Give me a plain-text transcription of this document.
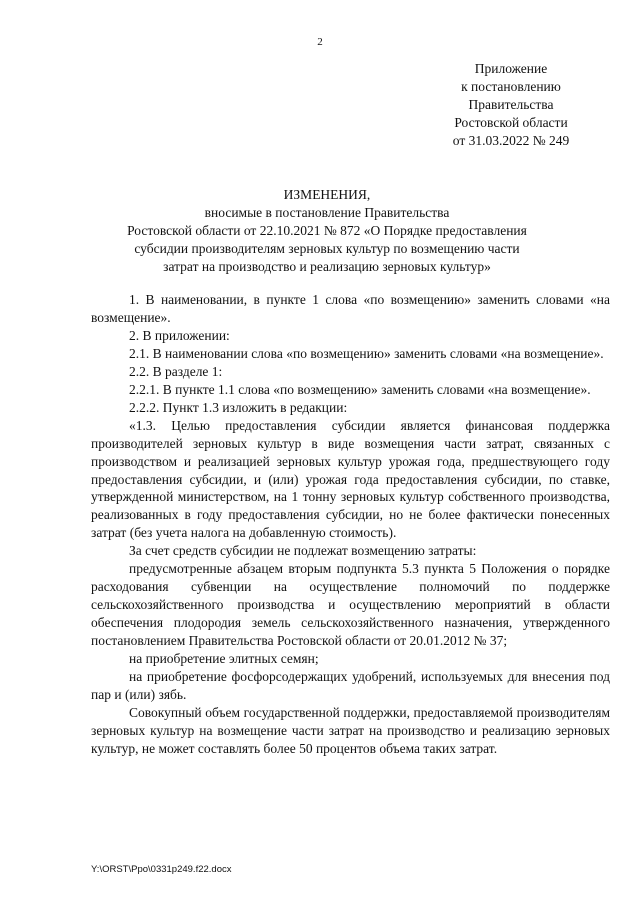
2
Приложение
к постановлению
Правительства
Ростовской области
от 31.03.2022 № 249
ИЗМЕНЕНИЯ,
вносимые в постановление Правительства
Ростовской области от 22.10.2021 № 872 «О Порядке предоставления
субсидии производителям зерновых культур по возмещению части
затрат на производство и реализацию зерновых культур»

1. В наименовании, в пункте 1 слова «по возмещению» заменить словами «на возмещение».

2. В приложении:

2.1. В наименовании слова «по возмещению» заменить словами «на возмещение».

2.2. В разделе 1:

2.2.1. В пункте 1.1 слова «по возмещению» заменить словами «на возмещение».

2.2.2. Пункт 1.3 изложить в редакции:

«1.3. Целью предоставления субсидии является финансовая поддержка производителей зерновых культур в виде возмещения части затрат, связанных с производством и реализацией зерновых культур урожая года, предшествующего году предоставления субсидии, и (или) урожая года предоставления субсидии, по ставке, утвержденной министерством, на 1 тонну зерновых культур собственного производства, реализованных в году предоставления субсидии, но не более фактически понесенных затрат (без учета налога на добавленную стоимость).

За счет средств субсидии не подлежат возмещению затраты:

предусмотренные абзацем вторым подпункта 5.3 пункта 5 Положения о порядке расходования субвенции на осуществление полномочий по поддержке сельскохозяйственного производства и осуществлению мероприятий в области обеспечения плодородия земель сельскохозяйственного назначения, утвержденного постановлением Правительства Ростовской области от 20.01.2012 № 37;

на приобретение элитных семян;

на приобретение фосфорсодержащих удобрений, используемых для внесения под пар и (или) зябь.

Совокупный объем государственной поддержки, предоставляемой производителям зерновых культур на возмещение части затрат на производство и реализацию зерновых культур, не может составлять более 50 процентов объема таких затрат.

Y:\ORST\Ppo\0331p249.f22.docx
